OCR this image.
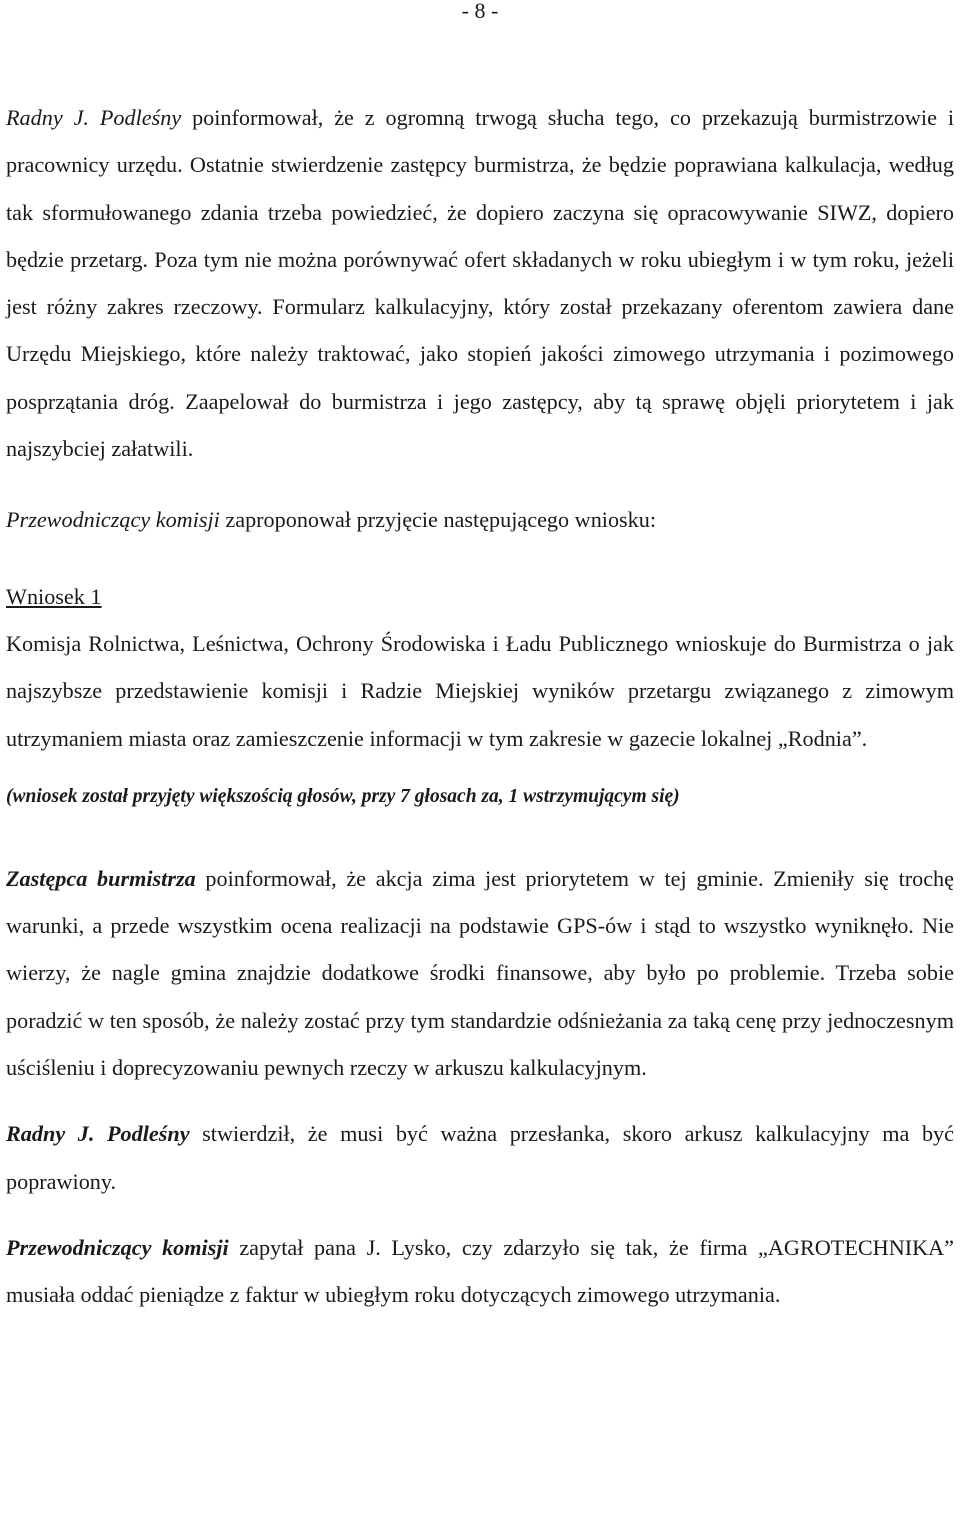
- 8 -

Radny J. Podleśny poinformował, że z ogromną trwogą słucha tego, co przekazują burmistrzowie i pracownicy urzędu. Ostatnie stwierdzenie zastępcy burmistrza, że będzie poprawiana kalkulacja, według tak sformułowanego zdania trzeba powiedzieć, że dopiero zaczyna się opracowywanie SIWZ, dopiero będzie przetarg. Poza tym nie można porównywać ofert składanych w roku ubiegłym i w tym roku, jeżeli jest różny zakres rzeczowy. Formularz kalkulacyjny, który został przekazany oferentom zawiera dane Urzędu Miejskiego, które należy traktować, jako stopień jakości zimowego utrzymania i pozimowego posprzątania dróg. Zaapelował do burmistrza i jego zastępcy, aby tą sprawę objęli priorytetem i jak najszybciej załatwili.

Przewodniczący komisji zaproponował przyjęcie następującego wniosku:

Wniosek 1

Komisja Rolnictwa, Leśnictwa, Ochrony Środowiska i Ładu Publicznego wnioskuje do Burmistrza o jak najszybsze przedstawienie komisji i Radzie Miejskiej wyników przetargu związanego z zimowym utrzymaniem miasta oraz zamieszczenie informacji w tym zakresie w gazecie lokalnej „Rodnia”.

(wniosek został przyjęty większością głosów, przy 7 głosach za, 1 wstrzymującym się)

Zastępca burmistrza poinformował, że akcja zima jest priorytetem w tej gminie. Zmieniły się trochę warunki, a przede wszystkim ocena realizacji na podstawie GPS-ów i stąd to wszystko wyniknęło. Nie wierzy, że nagle gmina znajdzie dodatkowe środki finansowe, aby było po problemie. Trzeba sobie poradzić w ten sposób, że należy zostać przy tym standardzie odśnieżania za taką cenę przy jednoczesnym uściśleniu i doprecyzowaniu pewnych rzeczy w arkuszu kalkulacyjnym.

Radny J. Podleśny stwierdził, że musi być ważna przesłanka, skoro arkusz kalkulacyjny ma być poprawiony.

Przewodniczący komisji zapytał pana J. Lysko, czy zdarzyło się tak, że firma „AGROTECHNIKA” musiała oddać pieniądze z faktur w ubiegłym roku dotyczących zimowego utrzymania.
